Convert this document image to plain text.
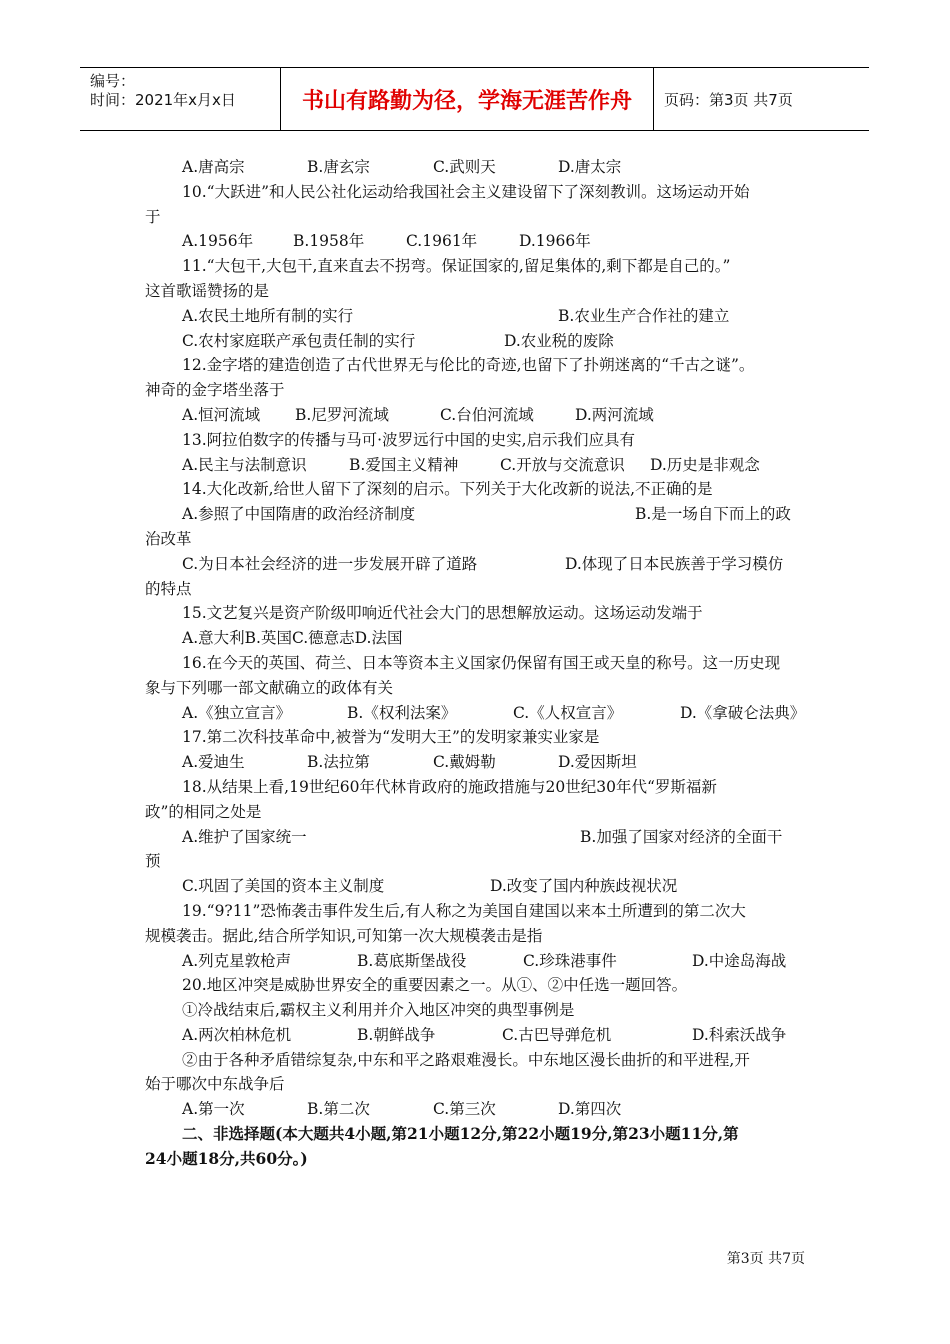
编号：
时间：2021年x月x日	书山有路勤为径，学海无涯苦作舟	页码：第3页 共7页
A.唐高宗	B.唐玄宗	C.武则天	D.唐太宗
10.“大跃进”和人民公社化运动给我国社会主义建设留下了深刻教训。这场运动开始
于
A.1956年	B.1958年	C.1961年	D.1966年
11.“大包干,大包干,直来直去不拐弯。保证国家的,留足集体的,剩下都是自己的。”
这首歌谣赞扬的是
A.农民土地所有制的实行	B.农业生产合作社的建立
C.农村家庭联产承包责任制的实行	D.农业税的废除
12.金字塔的建造创造了古代世界无与伦比的奇迹,也留下了扑朔迷离的“千古之谜”。
神奇的金字塔坐落于
A.恒河流域 B.尼罗河流域	C.台伯河流域	D.两河流域
13.阿拉伯数字的传播与马可·波罗远行中国的史实,启示我们应具有
A.民主与法制意识	B.爱国主义精神	C.开放与交流意识 D.历史是非观念
14.大化改新,给世人留下了深刻的启示。下列关于大化改新的说法,不正确的是
A.参照了中国隋唐的政治经济制度	B.是一场自下而上的政
治改革
C.为日本社会经济的进一步发展开辟了道路	D.体现了日本民族善于学习模仿
的特点
15.文艺复兴是资产阶级叩响近代社会大门的思想解放运动。这场运动发端于
A.意大利B.英国C.德意志D.法国
16.在今天的英国、荷兰、日本等资本主义国家仍保留有国王或天皇的称号。这一历史现
象与下列哪一部文献确立的政体有关
A.《独立宣言》	B.《权利法案》	C.《人权宣言》	D.《拿破仑法典》
17.第二次科技革命中,被誉为“发明大王”的发明家兼实业家是
A.爱迪生	B.法拉第	C.戴姆勒	D.爱因斯坦
18.从结果上看,19世纪60年代林肯政府的施政措施与20世纪30年代“罗斯福新
政”的相同之处是
A.维护了国家统一	B.加强了国家对经济的全面干
预
C.巩固了美国的资本主义制度	D.改变了国内种族歧视状况
19.“9?11”恐怖袭击事件发生后,有人称之为美国自建国以来本土所遭到的第二次大
规模袭击。据此,结合所学知识,可知第一次大规模袭击是指
A.列克星敦枪声	B.葛底斯堡战役	C.珍珠港事件	D.中途岛海战
20.地区冲突是威胁世界安全的重要因素之一。从①、②中任选一题回答。
①冷战结束后,霸权主义利用并介入地区冲突的典型事例是
A.两次柏林危机	B.朝鲜战争	C.古巴导弹危机	D.科索沃战争
②由于各种矛盾错综复杂,中东和平之路艰难漫长。中东地区漫长曲折的和平进程,开
始于哪次中东战争后
A.第一次	B.第二次	C.第三次	D.第四次
二、非选择题(本大题共4小题,第21小题12分,第22小题19分,第23小题11分,第
24小题18分,共60分。)
第3页 共7页
